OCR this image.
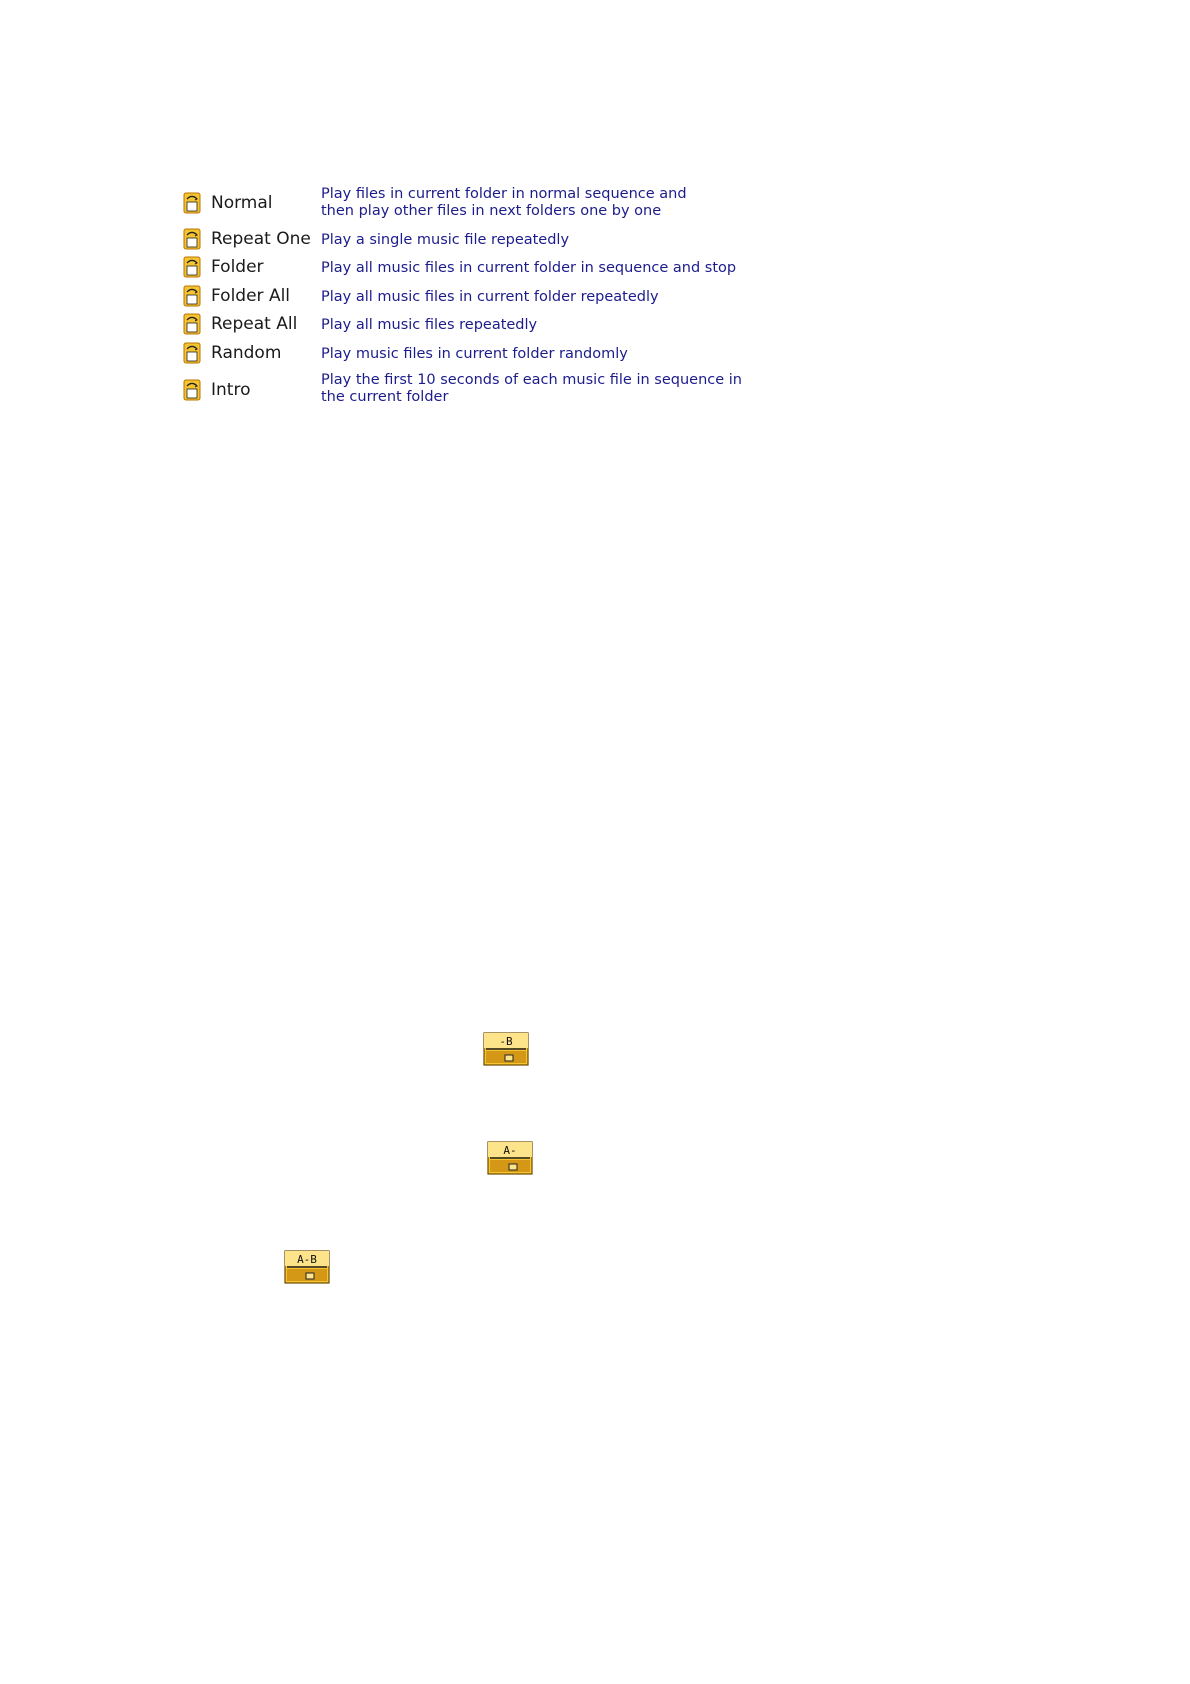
Normal	Play files in current folder in normal sequence and
then play other files in next folders one by one
Repeat One Play a single music file repeatedly
Folder	Play all music files in current folder in sequence and stop
Folder All Play all music files in current folder repeatedly
Repeat All Play all music files repeatedly
Random	Play music files in current folder randomly
Intro	Play the first 10 seconds of each music file in sequence in
the current folder
-B
A-
A-B
